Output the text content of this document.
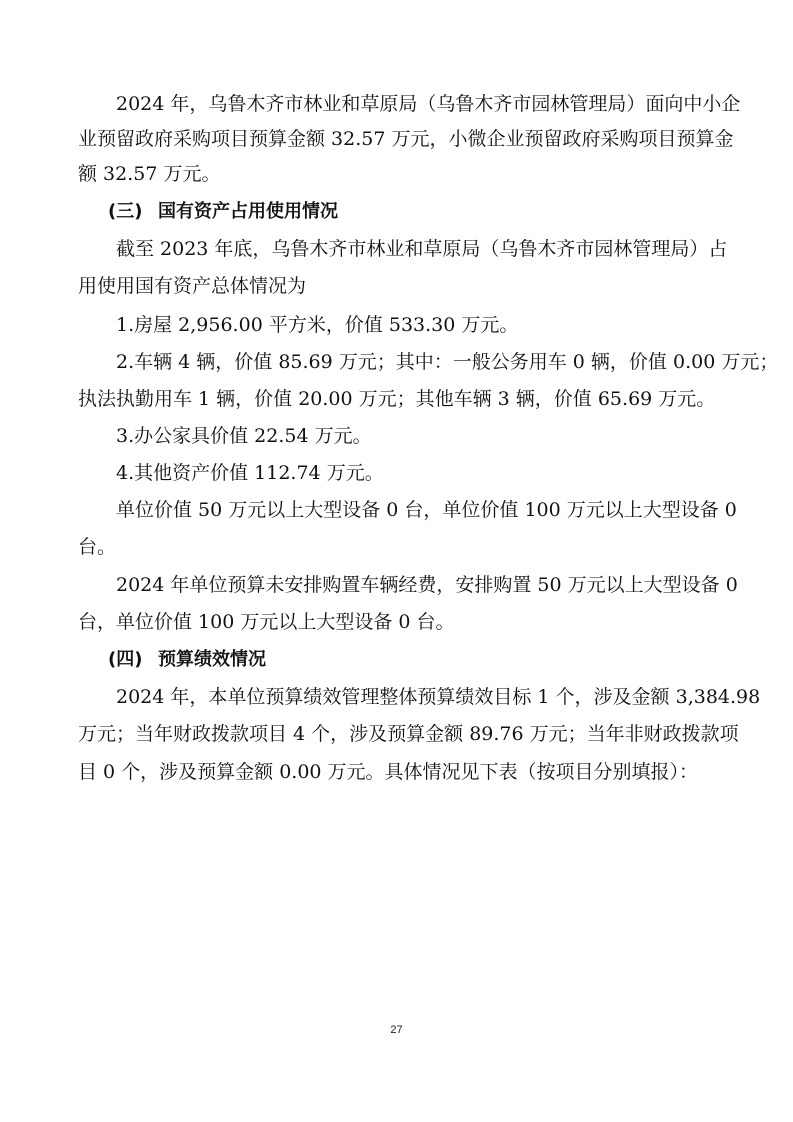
2024 年，乌鲁木齐市林业和草原局（乌鲁木齐市园林管理局）面向中小企
业预留政府采购项目预算金额 32.57 万元，小微企业预留政府采购项目预算金
额 32.57 万元。
(三) 国有资产占用使用情况
截至 2023 年底，乌鲁木齐市林业和草原局（乌鲁木齐市园林管理局）占
用使用国有资产总体情况为
1.房屋 2,956.00 平方米，价值 533.30 万元。
2.车辆 4 辆，价值 85.69 万元；其中：一般公务用车 0 辆，价值 0.00 万元；
执法执勤用车 1 辆，价值 20.00 万元；其他车辆 3 辆，价值 65.69 万元。
3.办公家具价值 22.54 万元。
4.其他资产价值 112.74 万元。
单位价值 50 万元以上大型设备 0 台，单位价值 100 万元以上大型设备 0
台。
2024 年单位预算未安排购置车辆经费，安排购置 50 万元以上大型设备 0
台，单位价值 100 万元以上大型设备 0 台。
(四) 预算绩效情况
2024 年，本单位预算绩效管理整体预算绩效目标 1 个，涉及金额 3,384.98
万元；当年财政拨款项目 4 个，涉及预算金额 89.76 万元；当年非财政拨款项
目 0 个，涉及预算金额 0.00 万元。具体情况见下表（按项目分别填报）：
27
